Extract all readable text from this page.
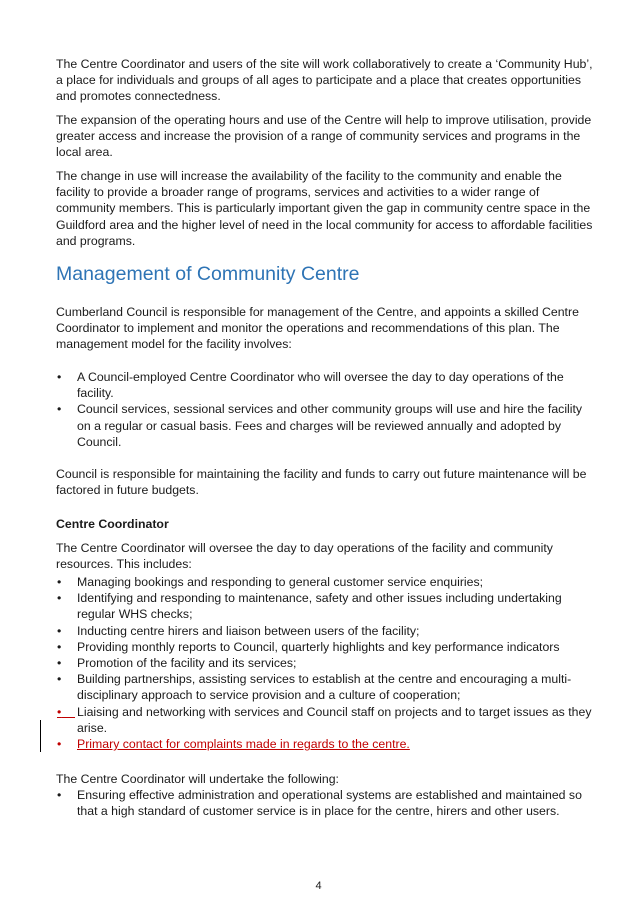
The Centre Coordinator and users of the site will work collaboratively to create a ‘Community Hub’, a place for individuals and groups of all ages to participate and a place that creates opportunities and promotes connectedness.

The expansion of the operating hours and use of the Centre will help to improve utilisation, provide greater access and increase the provision of a range of community services and programs in the local area.

The change in use will increase the availability of the facility to the community and enable the facility to provide a broader range of programs, services and activities to a wider range of community members. This is particularly important given the gap in community centre space in the Guildford area and the higher level of need in the local community for access to affordable facilities and programs.

Management of Community Centre

Cumberland Council is responsible for management of the Centre, and appoints a skilled Centre Coordinator to implement and monitor the operations and recommendations of this plan. The management model for the facility involves:

• A Council-employed Centre Coordinator who will oversee the day to day operations of the facility.
• Council services, sessional services and other community groups will use and hire the facility on a regular or casual basis. Fees and charges will be reviewed annually and adopted by Council.

Council is responsible for maintaining the facility and funds to carry out future maintenance will be factored in future budgets.

Centre Coordinator

The Centre Coordinator will oversee the day to day operations of the facility and community resources. This includes:

• Managing bookings and responding to general customer service enquiries;
• Identifying and responding to maintenance, safety and other issues including undertaking regular WHS checks;
• Inducting centre hirers and liaison between users of the facility;
• Providing monthly reports to Council, quarterly highlights and key performance indicators
• Promotion of the facility and its services;
• Building partnerships, assisting services to establish at the centre and encouraging a multi-disciplinary approach to service provision and a culture of cooperation;
•	Liaising and networking with services and Council staff on projects and to target issues as they arise.
• Primary contact for complaints made in regards to the centre.

The Centre Coordinator will undertake the following:

• Ensuring effective administration and operational systems are established and maintained so that a high standard of customer service is in place for the centre, hirers and other users.
4
